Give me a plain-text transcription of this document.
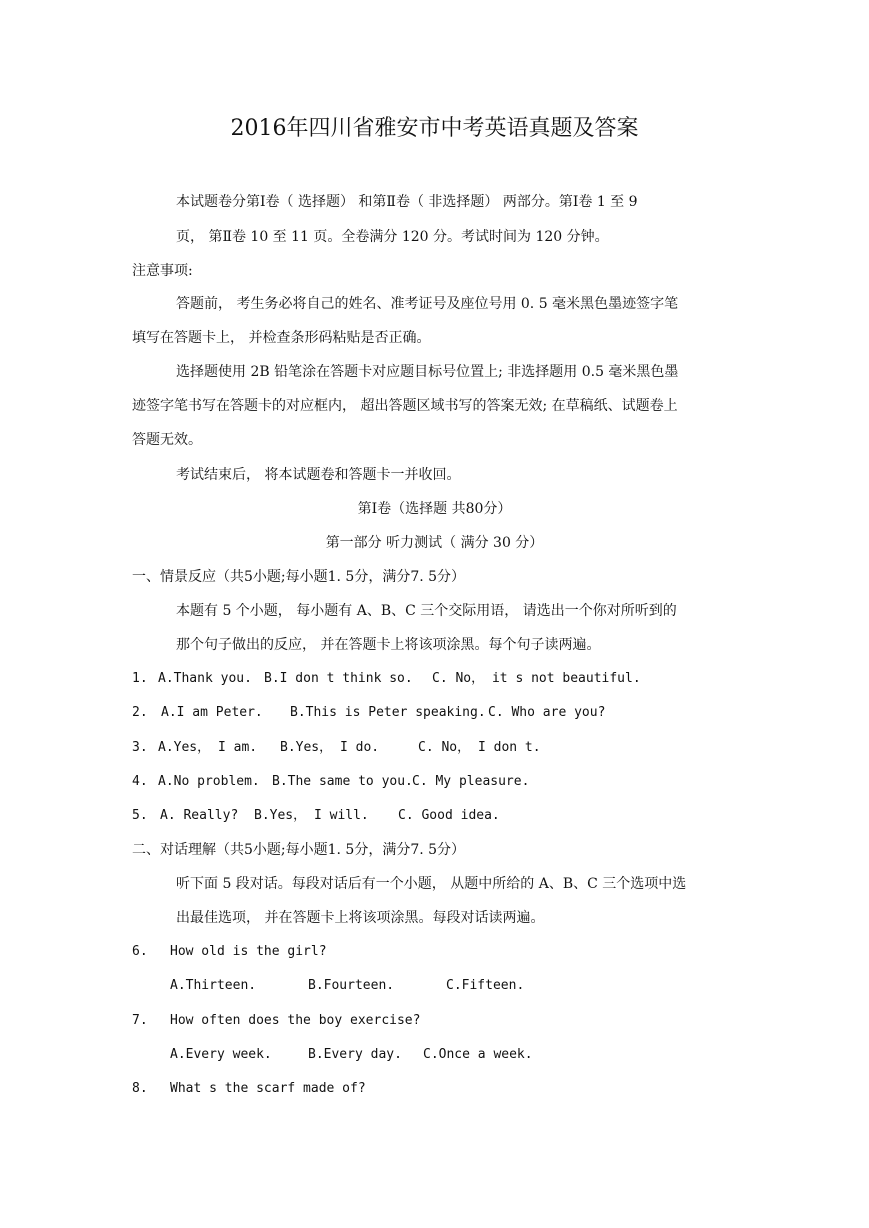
2016年四川省雅安市中考英语真题及答案
本试题卷分第Ⅰ卷（ 选择题） 和第Ⅱ卷（ 非选择题） 两部分。第Ⅰ卷 1 至 9
页， 第Ⅱ卷 10 至 11 页。全卷满分 120 分。考试时间为 120 分钟。
注意事项:
答题前， 考生务必将自己的姓名、准考证号及座位号用 0. 5 毫米黑色墨迹签字笔
填写在答题卡上， 并检查条形码粘贴是否正确。
选择题使用 2B 铅笔涂在答题卡对应题目标号位置上; 非选择题用 0.5 毫米黑色墨
迹签字笔书写在答题卡的对应框内， 超出答题区域书写的答案无效; 在草稿纸、试题卷上
答题无效。
考试结束后， 将本试题卷和答题卡一并收回。
第Ⅰ卷（选择题 共80分）
第一部分 听力测试（ 满分 30 分）
一、情景反应（共5小题;每小题1. 5分，满分7. 5分）
本题有 5 个小题， 每小题有 A、B、C 三个交际用语， 请选出一个你对所听到的
那个句子做出的反应， 并在答题卡上将该项涂黑。每个句子读两遍。
1. A.Thank you. B.I don t think so. C. No， it s not beautiful.
2. A.I am Peter. B.This is Peter speaking. C. Who are you?
3. A.Yes， I am. B.Yes， I do.	C. No， I don t.
4. A.No problem. B.The same to you. C. My pleasure.
5. A. Really? B.Yes， I will. C. Good idea.
二、对话理解（共5小题;每小题1. 5分，满分7. 5分）
听下面 5 段对话。每段对话后有一个小题， 从题中所给的 A、B、C 三个选项中选
出最佳选项， 并在答题卡上将该项涂黑。每段对话读两遍。
6. How old is the girl?
A.Thirteen.	B.Fourteen.	C.Fifteen.
7. How often does the boy exercise?
A.Every week.	B.Every day. C.Once a week.
8. What s the scarf made of?
